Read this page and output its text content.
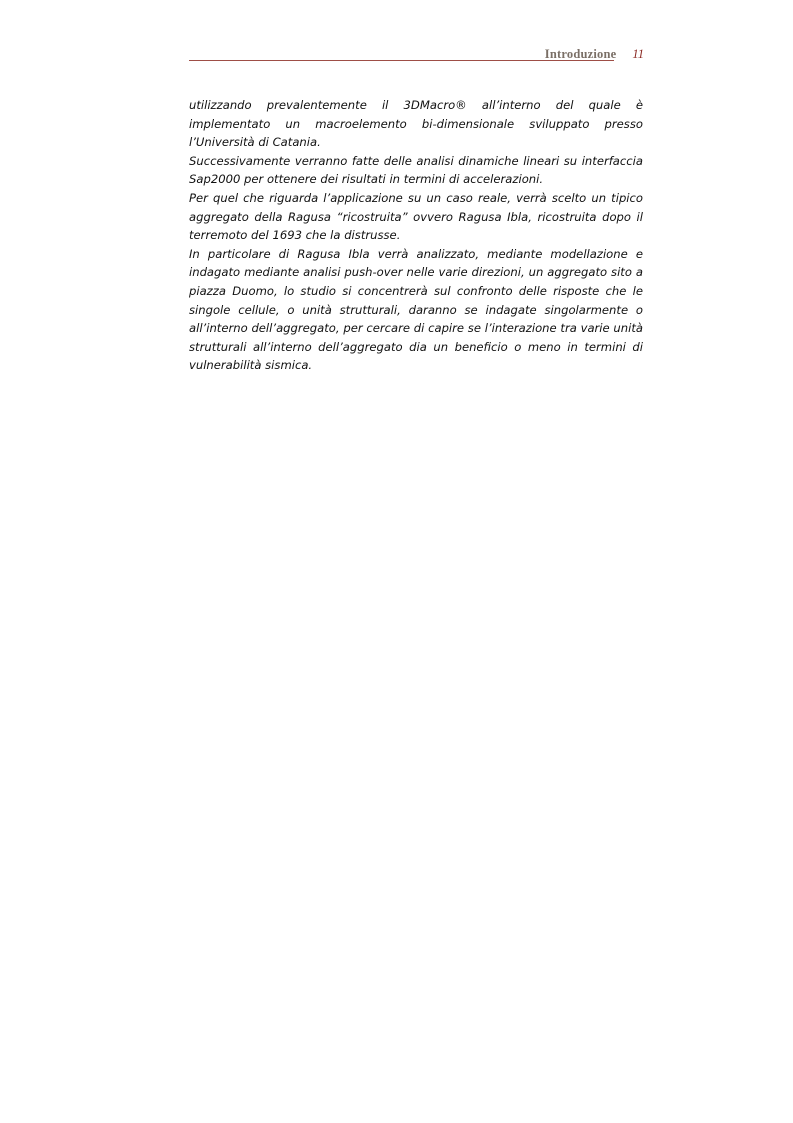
Introduzione 11

utilizzando prevalentemente il 3DMacro® all’interno del quale è implementato un macroelemento bi-dimensionale sviluppato presso l’Università di Catania.

Successivamente verranno fatte delle analisi dinamiche lineari su interfaccia Sap2000 per ottenere dei risultati in termini di accelerazioni.

Per quel che riguarda l’applicazione su un caso reale, verrà scelto un tipico aggregato della Ragusa “ricostruita” ovvero Ragusa Ibla, ricostruita dopo il terremoto del 1693 che la distrusse.

In particolare di Ragusa Ibla verrà analizzato, mediante modellazione e indagato mediante analisi push-over nelle varie direzioni, un aggregato sito a piazza Duomo, lo studio si concentrerà sul confronto delle risposte che le singole cellule, o unità strutturali, daranno se indagate singolarmente o all’interno dell’aggregato, per cercare di capire se l’interazione tra varie unità strutturali all’interno dell’aggregato dia un beneficio o meno in termini di vulnerabilità sismica.
